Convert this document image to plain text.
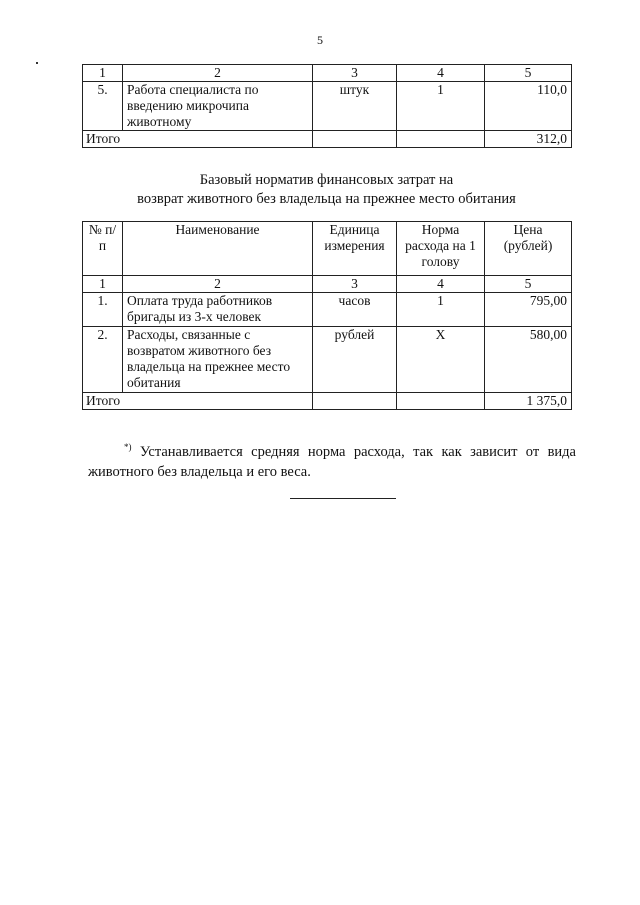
5
1	2	3	4	5
5.	Работа специалиста по введению микрочипа животному	штук	1	110,0
Итого				312,0
Базовый норматив финансовых затрат на
возврат животного без владельца на прежнее место обитания
№ п/п	Наименование	Единица измерения	Норма расхода на 1 голову	Цена (рублей)
1	2	3	4	5
1.	Оплата труда работников бригады из 3-х человек	часов	1	795,00
2.	Расходы, связанные с возвратом животного без владельца на прежнее место обитания	рублей	Х	580,00
Итого				1 375,0
*) Устанавливается средняя норма расхода, так как зависит от вида животного без владельца и его веса.
